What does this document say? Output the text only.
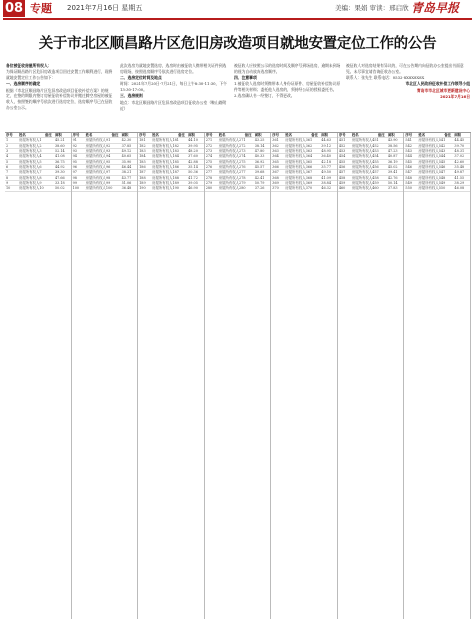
08 专题 2021年7月16日 星期五	美编：果娟 审读：邢启欣 青岛早报
关于市北区顺昌路片区危旧房改造项目就地安置定位工作的公告

各位被征收房屋所有权人：

为保证顺昌路片区危旧房改造项目回迁安置工作顺利进行，现将就地安置定位工作公告如下：

一、选房顺序的确定

根据《市北区顺昌路片区危旧房改造项目征收补偿方案》的规定，在签约期限内签订房屋征收补偿协议并搬迁腾空房屋的被征收人，按照签约顺序号依次进行选房定位，选房顺序号已在征收办公室公示。

此次选房为就地安置选房，选房时由被征收人携带相关证件到选房现场，按照选房顺序号依次进行选房定位。

二、选房定位时间及地点

时间：2021年7月20日-7月21日，每日上午8:30-11:30，下午13:30-17:00。

三、选房规则

地点：市北区顺昌路片区危旧房改造项目征收办公室（鞍山路附近）

被征收人应按照公示的选房时间及顺序号到场选房，逾期未到场的视为自动放弃选房顺序。

四、注意事项

1.被征收人选房时须携带本人身份证原件、房屋征收补偿协议原件等相关材料；委托他人选房的，须持经公证的授权委托书。

2.选房确认书一经签订，不得更改。

被征收人对选房结果有异议的，可在公告期内向征收办公室提出书面意见。未尽事宜请咨询征收办公室。

联系人：张先生 联系电话：0532-8X8X8X8X

市北区人民政府征收补偿工作领导小组

青岛市市北区城市更新建设中心

2021年7月16日

序号 姓名	备注 面积
1	房屋所有权人1	45.21
2	房屋所有权人2	38.60
3	房屋所有权人3	52.14
4	房屋所有权人4	41.08
5	房屋所有权人5	36.75
6	房屋所有权人6	44.92
7	房屋所有权人7	39.30
8	房屋所有权人8	47.66
9	房屋所有权人9	33.18
10	房屋所有权人10	50.02
序号 姓名	备注 面积
91	房屋所有权人91	42.30
92	房屋所有权人92	37.85
93	房屋所有权人93	49.12
94	房屋所有权人94	40.65
95	房屋所有权人95	35.90
96	房屋所有权人96	46.44
97	房屋所有权人97	38.21
98	房屋所有权人98	43.77
99	房屋所有权人99	51.06
100 房屋所有权人100	36.48
序号 姓名	备注 面积
181 房屋所有权人181	44.10
182 房屋所有权人182	39.95
183 房屋所有权人183	48.20
184 房屋所有权人184	37.60
185 房屋所有权人185	42.88
186 房屋所有权人186	35.14
187 房屋所有权人187	50.36
188 房屋所有权人188	41.72
189 房屋所有权人189	39.05
190 房屋所有权人190	46.90
序号 姓名	备注 面积
271 房屋所有权人271	43.25
272 房屋所有权人272	38.14
273 房屋所有权人273	47.80
274 房屋所有权人274	40.33
275 房屋所有权人275	36.92
276 房屋所有权人276	45.57
277 房屋所有权人277	39.68
278 房屋所有权人278	42.41
279 房屋所有权人279	50.79
280 房屋所有权人280	37.26
序号 姓名	备注 面积
361 房屋所有权人361	44.63
362 房屋所有权人362	39.12
363 房屋所有权人363	48.95
364 房屋所有权人364	36.40
365 房屋所有权人365	42.18
366 房屋所有权人366	35.77
367 房屋所有权人367	49.50
368 房屋所有权人368	41.09
369 房屋所有权人369	38.84
370 房屋所有权人370	46.32
序号 姓名	备注 面积
451 房屋所有权人451	43.90
452 房屋所有权人452	38.56
453 房屋所有权人453	47.23
454 房屋所有权人454	40.87
455 房屋所有权人455	36.19
456 房屋所有权人456	45.02
457 房屋所有权人457	39.41
458 房屋所有权人458	42.76
459 房屋所有权人459	50.14
460 房屋所有权人460	37.83
序号 姓名	备注 面积
541 房屋所有权人541	44.45
542 房屋所有权人542	39.70
543 房屋所有权人543	48.31
544 房屋所有权人544	37.02
545 房屋所有权人545	42.60
546 房屋所有权人546	35.48
547 房屋所有权人547	49.87
548 房屋所有权人548	41.55
549 房屋所有权人549	38.29
550 房屋所有权人550	46.08
